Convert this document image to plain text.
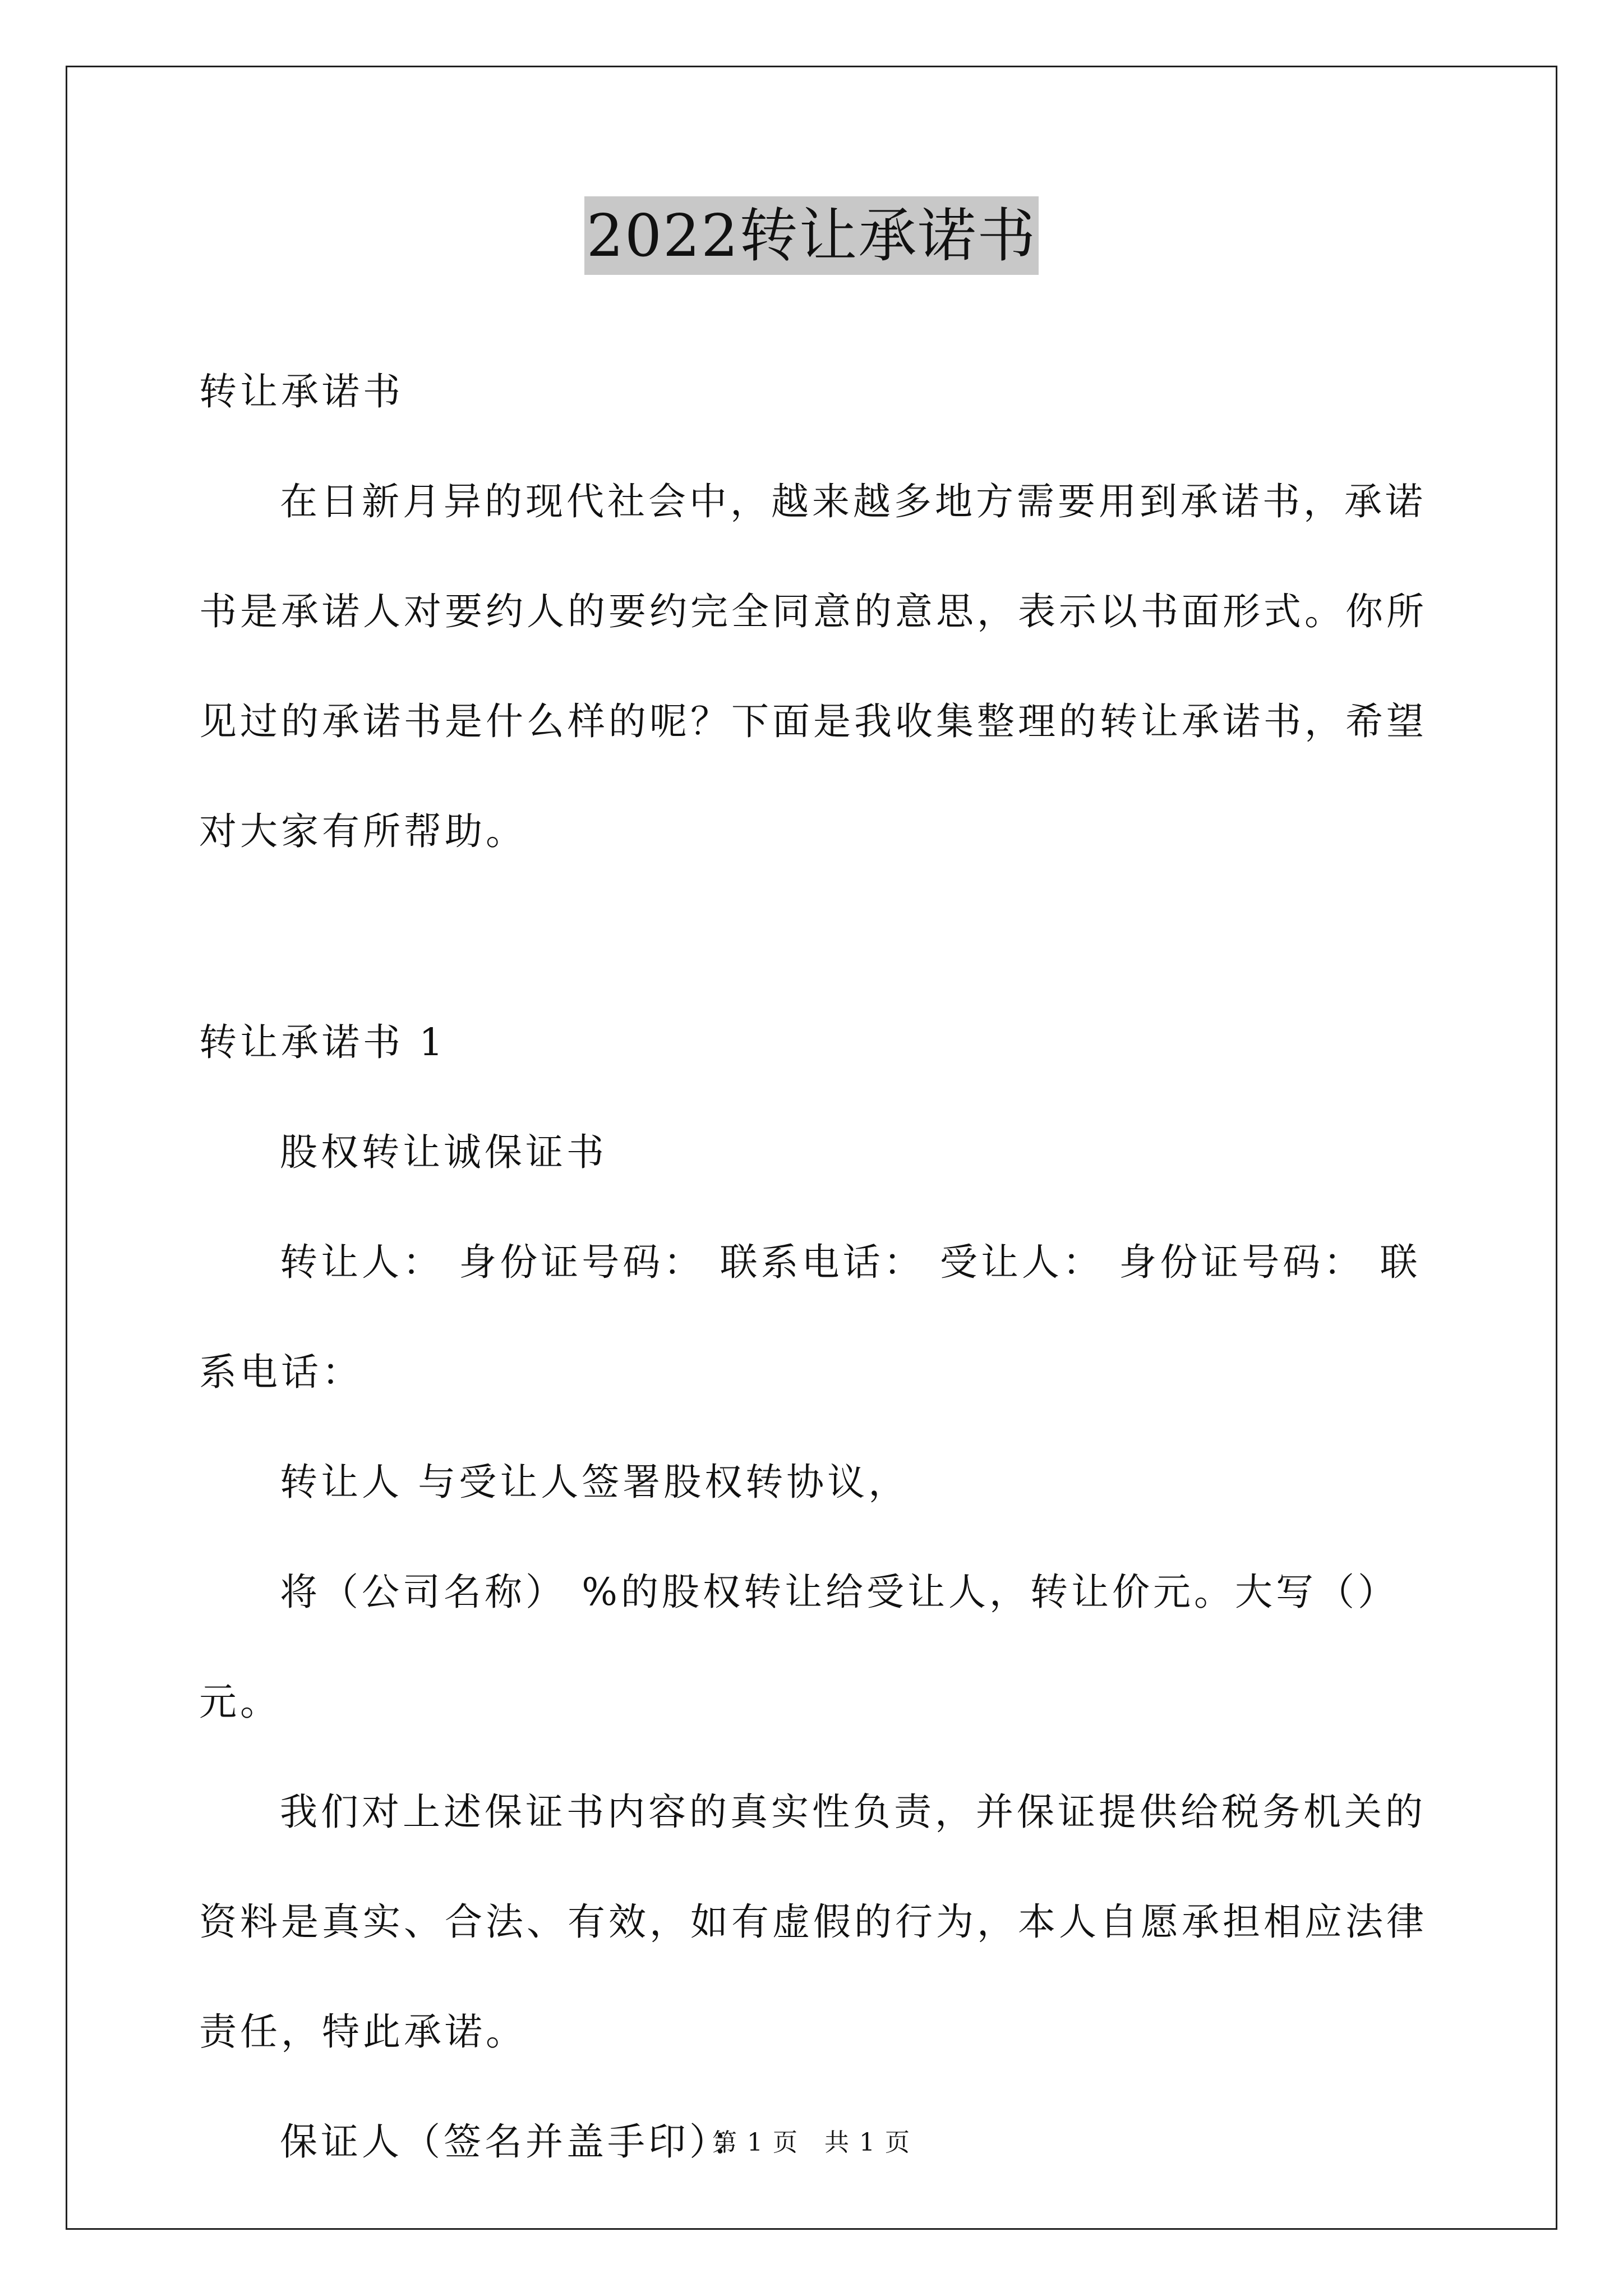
2022转让承诺书

转让承诺书

在日新月异的现代社会中，越来越多地方需要用到承诺书，承诺书是承诺人对要约人的要约完全同意的意思，表示以书面形式。你所见过的承诺书是什么样的呢？下面是我收集整理的转让承诺书，希望对大家有所帮助。

转让承诺书 1

股权转让诚保证书

转让人： 身份证号码： 联系电话： 受让人： 身份证号码： 联系电话：

转让人 与受让人签署股权转协议，

将（公司名称） %的股权转让给受让人，转让价元。大写（）元。

我们对上述保证书内容的真实性负责，并保证提供给税务机关的资料是真实、合法、有效，如有虚假的行为，本人自愿承担相应法律责任，特此承诺。

保证人（签名并盖手印）：

第 1 页　共 1 页
